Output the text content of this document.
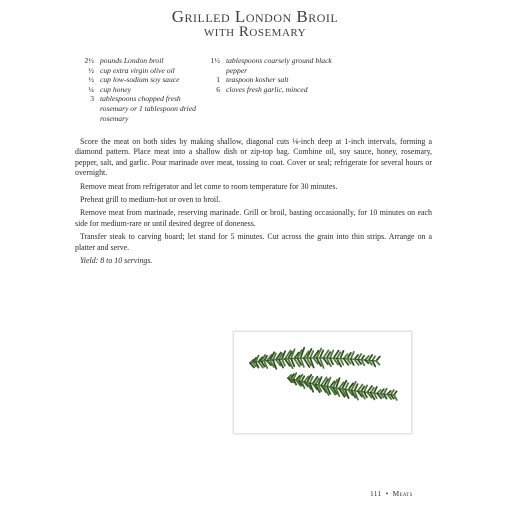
Grilled London Broil
with Rosemary
2½ pounds London broil
½ cup extra virgin olive oil
½ cup low-sodium soy sauce
¼ cup honey
3 tablespoons chopped fresh rosemary or 1 tablespoon dried rosemary
1½ tablespoons coarsely ground black pepper
1 teaspoon kosher salt
6 cloves fresh garlic, minced

Score the meat on both sides by making shallow, diagonal cuts ⅛-inch deep at 1-inch intervals, forming a diamond pattern. Place meat into a shallow dish or zip-top bag. Combine oil, soy sauce, honey, rosemary, pepper, salt, and garlic. Pour marinade over meat, tossing to coat. Cover or seal; refrigerate for several hours or overnight.

Remove meat from refrigerator and let come to room temperature for 30 minutes.

Preheat grill to medium-hot or oven to broil.

Remove meat from marinade, reserving marinade. Grill or broil, basting occasionally, for 10 minutes on each side for medium-rare or until desired degree of doneness.

Transfer steak to carving board; let stand for 5 minutes. Cut across the grain into thin strips. Arrange on a platter and serve.

Yield: 8 to 10 servings.

111 • Meats
